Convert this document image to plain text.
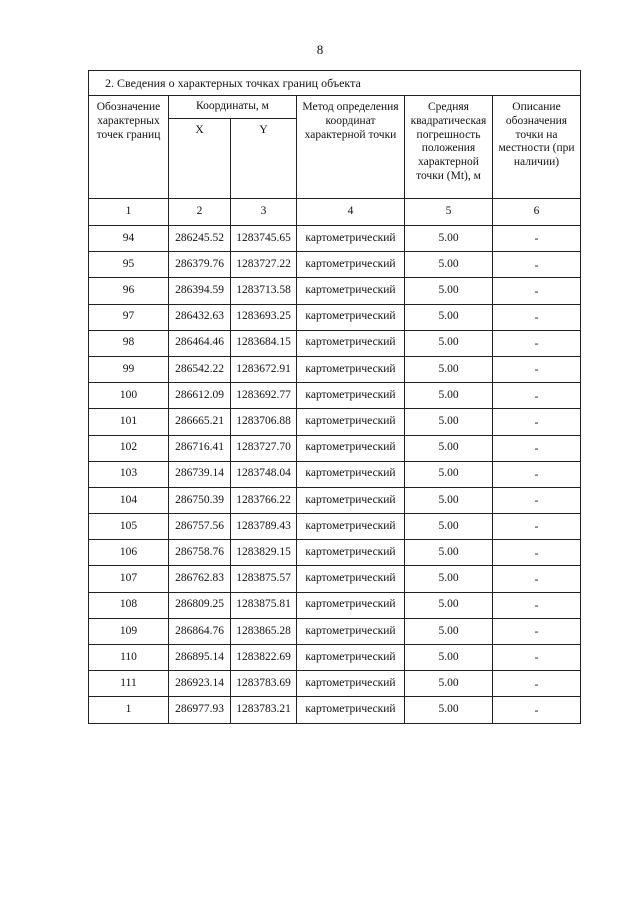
8
2. Сведения о характерных точках границ объекта					
Обозначение характерных точек границ	Координаты, м		Метод определения координат характерной точки	Средняя квадратическая погрешность положения характерной точки (Mt), м	Описание обозначения точки на местности (при наличии)
	X	Y			
1	2	3	4	5	6
94	286245.52	1283745.65	картометрический	5.00	-
95	286379.76	1283727.22	картометрический	5.00	-
96	286394.59	1283713.58	картометрический	5.00	-
97	286432.63	1283693.25	картометрический	5.00	-
98	286464.46	1283684.15	картометрический	5.00	-
99	286542.22	1283672.91	картометрический	5.00	-
100	286612.09	1283692.77	картометрический	5.00	-
101	286665.21	1283706.88	картометрический	5.00	-
102	286716.41	1283727.70	картометрический	5.00	-
103	286739.14	1283748.04	картометрический	5.00	-
104	286750.39	1283766.22	картометрический	5.00	-
105	286757.56	1283789.43	картометрический	5.00	-
106	286758.76	1283829.15	картометрический	5.00	-
107	286762.83	1283875.57	картометрический	5.00	-
108	286809.25	1283875.81	картометрический	5.00	-
109	286864.76	1283865.28	картометрический	5.00	-
110	286895.14	1283822.69	картометрический	5.00	-
111	286923.14	1283783.69	картометрический	5.00	-
1	286977.93	1283783.21	картометрический	5.00	-
